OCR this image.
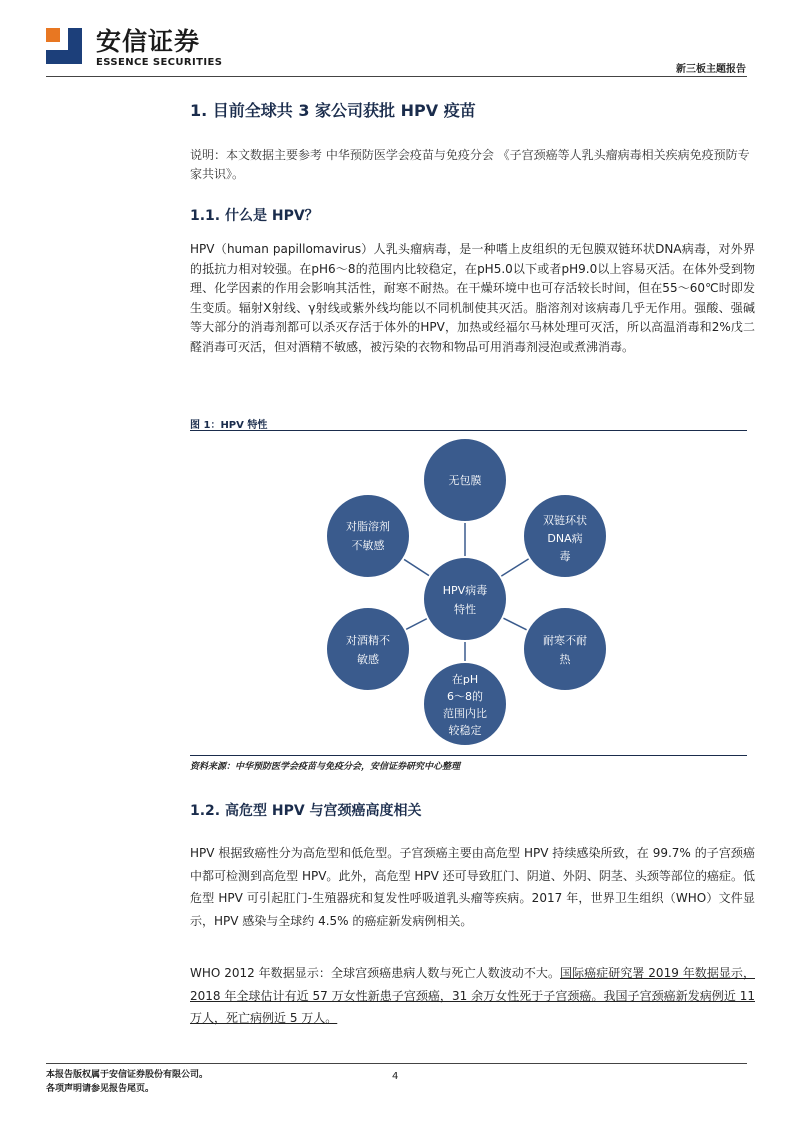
安信证券
ESSENCE SECURITIES
新三板主题报告
1. 目前全球共 3 家公司获批 HPV 疫苗
说明：本文数据主要参考 中华预防医学会疫苗与免疫分会 《子宫颈癌等人乳头瘤病毒相关疾病免疫预防专家共识》。
1.1. 什么是 HPV？
HPV（human papillomavirus）人乳头瘤病毒，是一种嗜上皮组织的无包膜双链环状DNA病毒，对外界的抵抗力相对较强。在pH6～8的范围内比较稳定，在pH5.0以下或者pH9.0以上容易灭活。在体外受到物理、化学因素的作用会影响其活性，耐寒不耐热。在干燥环境中也可存活较长时间，但在55～60℃时即发生变质。辐射X射线、γ射线或紫外线均能以不同机制使其灭活。脂溶剂对该病毒几乎无作用。强酸、强碱等大部分的消毒剂都可以杀灭存活于体外的HPV，加热或经福尔马林处理可灭活，所以高温消毒和2%戊二醛消毒可灭活，但对酒精不敏感，被污染的衣物和物品可用消毒剂浸泡或煮沸消毒。
图 1：HPV 特性
HPV病毒
特性
无包膜
双链环状
DNA病
毒
耐寒不耐
热
在pH
6～8的
范围内比
较稳定
对酒精不
敏感
对脂溶剂
不敏感
资料来源：中华预防医学会疫苗与免疫分会，安信证券研究中心整理
1.2. 高危型 HPV 与宫颈癌高度相关
HPV 根据致癌性分为高危型和低危型。子宫颈癌主要由高危型 HPV 持续感染所致，在 99.7% 的子宫颈癌中都可检测到高危型 HPV。此外，高危型 HPV 还可导致肛门、阴道、外阴、阴茎、头颈等部位的癌症。低危型 HPV 可引起肛门-生殖器疣和复发性呼吸道乳头瘤等疾病。2017 年，世界卫生组织（WHO）文件显示，HPV 感染与全球约 4.5% 的癌症新发病例相关。
WHO 2012 年数据显示：全球宫颈癌患病人数与死亡人数波动不大。国际癌症研究署 2019 年数据显示，2018 年全球估计有近 57 万女性新患子宫颈癌，31 余万女性死于子宫颈癌。我国子宫颈癌新发病例近 11 万人，死亡病例近 5 万人。
本报告版权属于安信证券股份有限公司。
各项声明请参见报告尾页。
4
